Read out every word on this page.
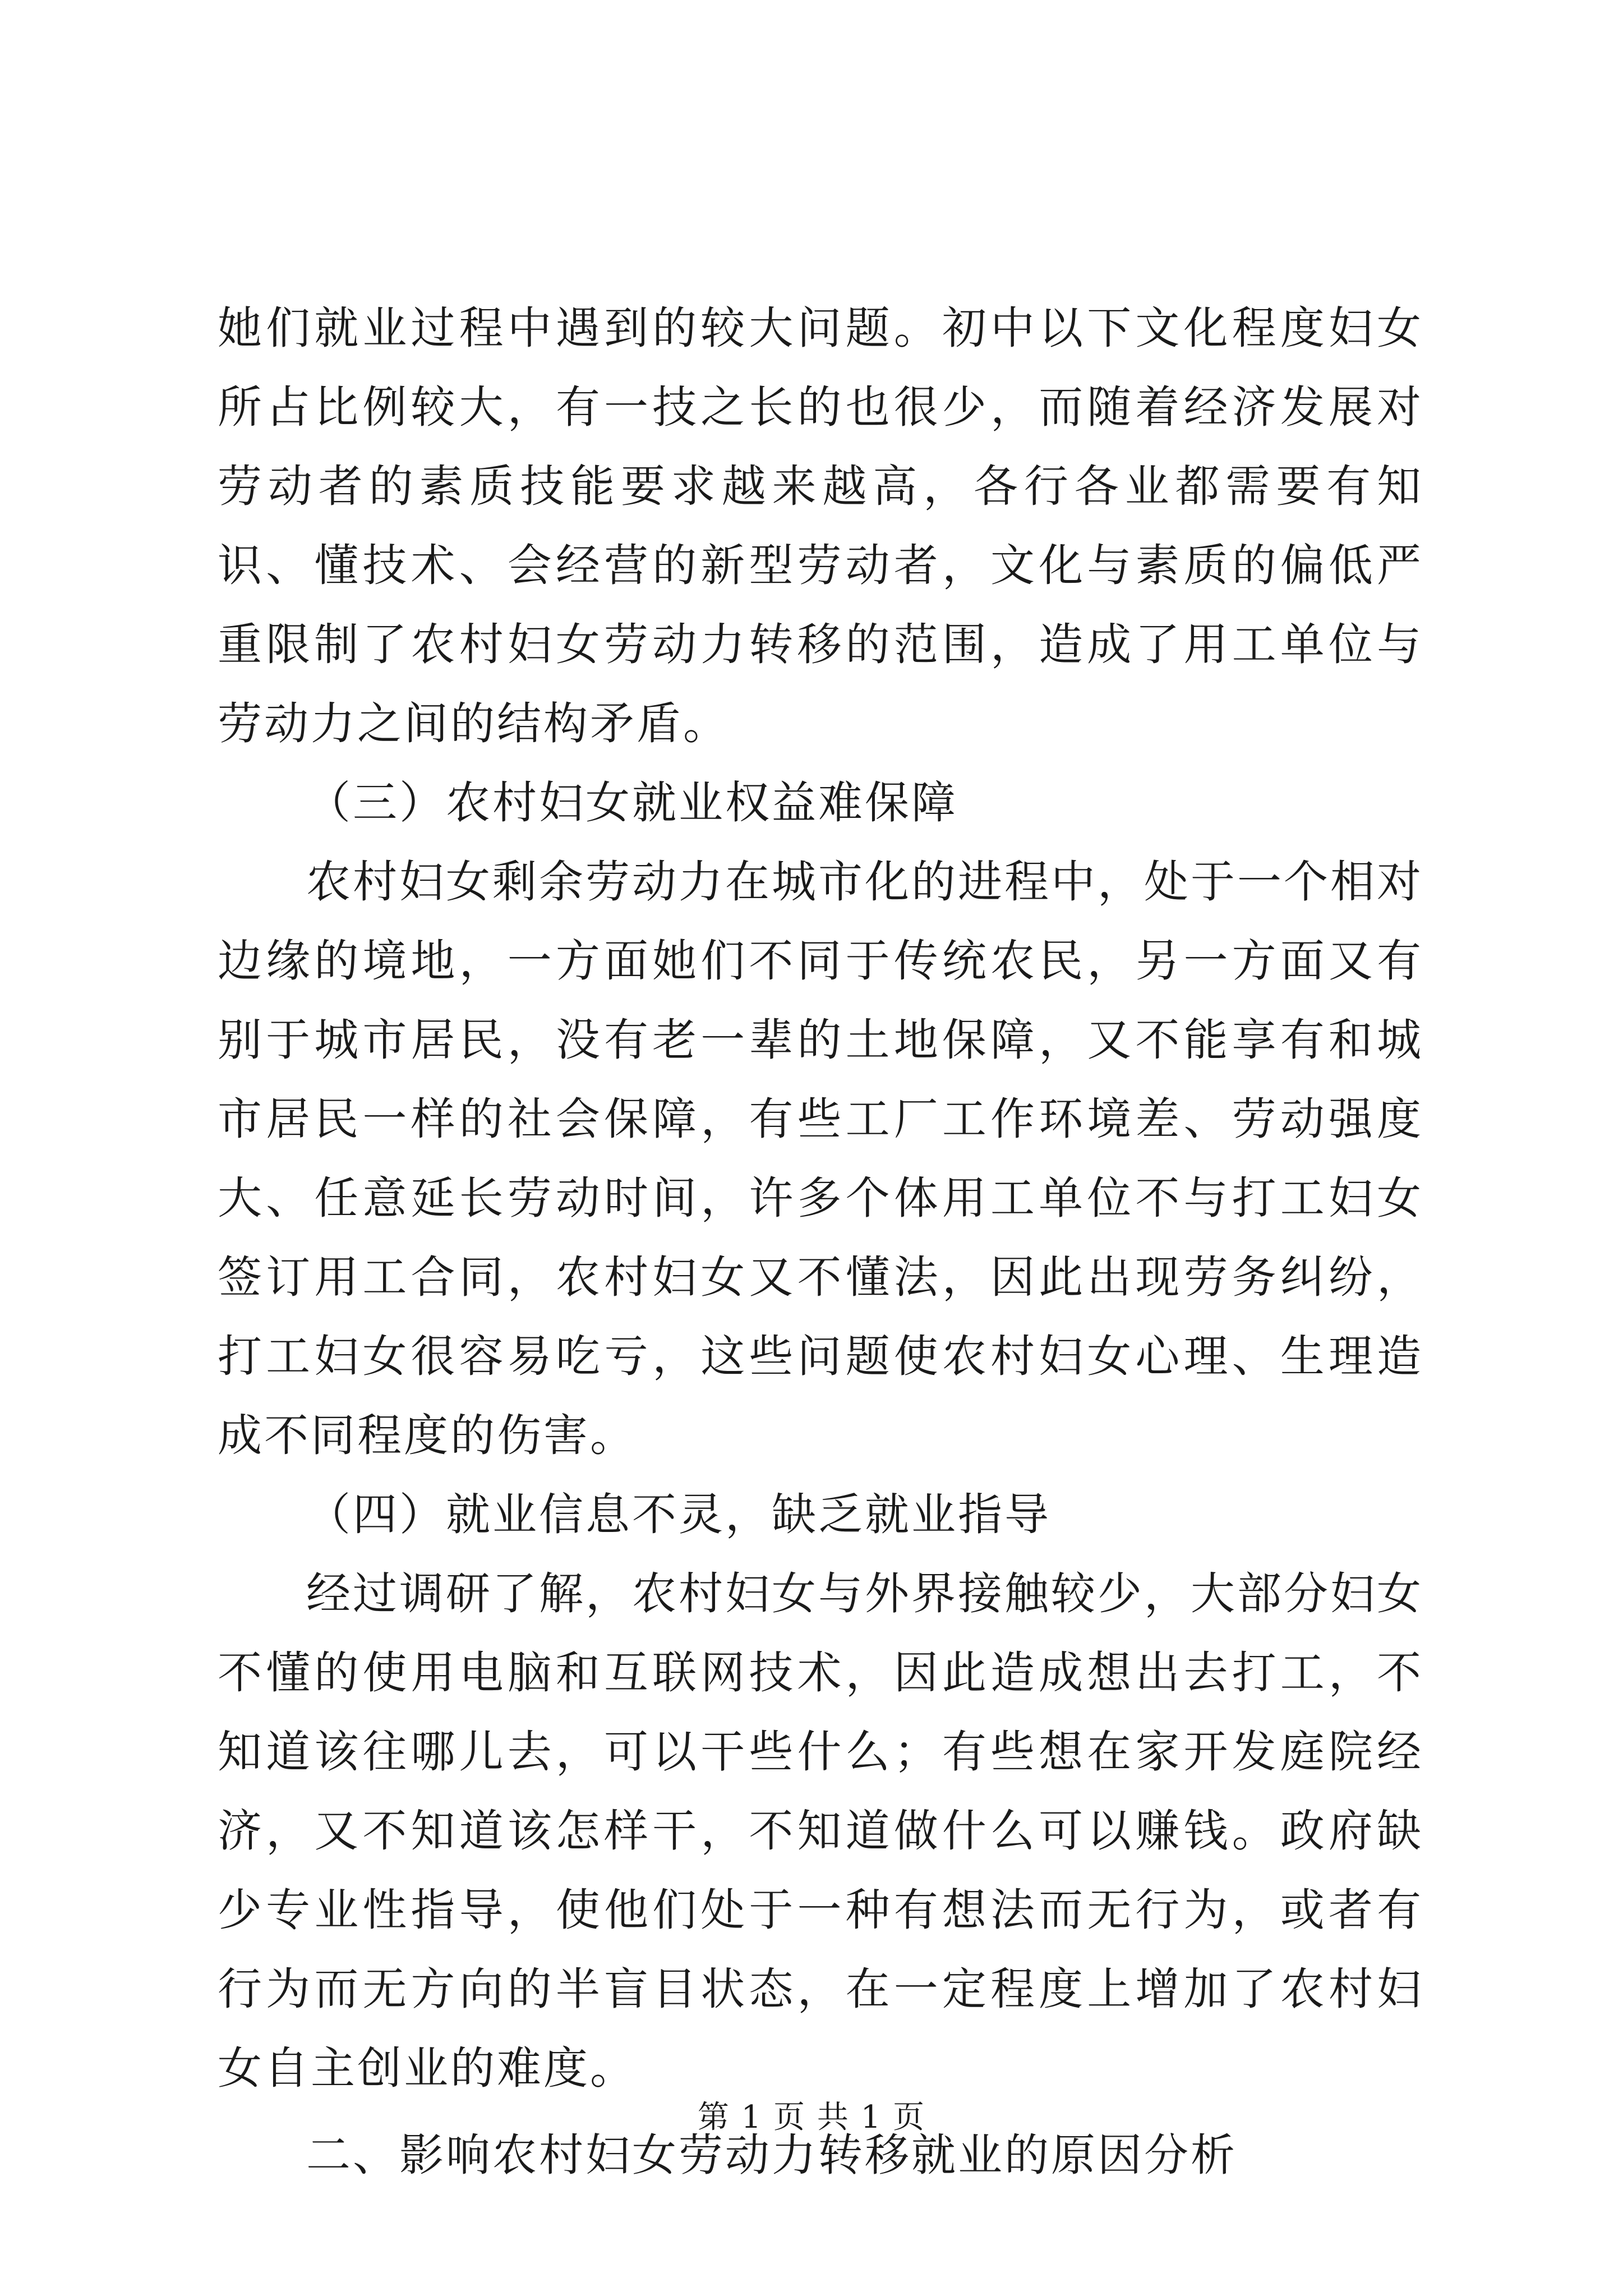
她们就业过程中遇到的较大问题。初中以下文化程度妇女所占比例较大，有一技之长的也很少，而随着经济发展对劳动者的素质技能要求越来越高，各行各业都需要有知识、懂技术、会经营的新型劳动者，文化与素质的偏低严重限制了农村妇女劳动力转移的范围，造成了用工单位与劳动力之间的结构矛盾。

（三）农村妇女就业权益难保障

农村妇女剩余劳动力在城市化的进程中，处于一个相对边缘的境地，一方面她们不同于传统农民，另一方面又有别于城市居民，没有老一辈的土地保障，又不能享有和城市居民一样的社会保障，有些工厂工作环境差、劳动强度大、任意延长劳动时间，许多个体用工单位不与打工妇女签订用工合同，农村妇女又不懂法，因此出现劳务纠纷，打工妇女很容易吃亏，这些问题使农村妇女心理、生理造成不同程度的伤害。

（四）就业信息不灵，缺乏就业指导

经过调研了解，农村妇女与外界接触较少，大部分妇女不懂的使用电脑和互联网技术，因此造成想出去打工，不知道该往哪儿去，可以干些什么；有些想在家开发庭院经济，又不知道该怎样干，不知道做什么可以赚钱。政府缺少专业性指导，使他们处于一种有想法而无行为，或者有行为而无方向的半盲目状态，在一定程度上增加了农村妇女自主创业的难度。

二、影响农村妇女劳动力转移就业的原因分析

第 1 页 共 1 页
